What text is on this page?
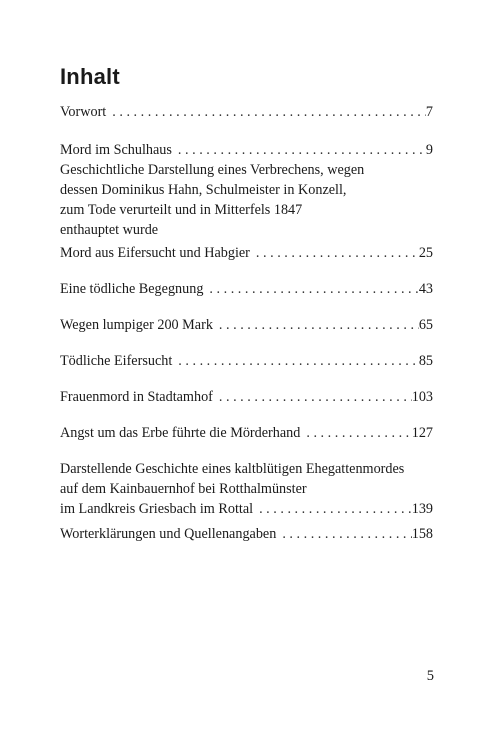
Inhalt
Vorwort . . .	7
Mord im Schulhaus . . .	9
Geschichtliche Darstellung eines Verbrechens, wegen
dessen Dominikus Hahn, Schulmeister in Konzell,
zum Tode verurteilt und in Mitterfels 1847
enthauptet wurde
Mord aus Eifersucht und Habgier . . .	25
Eine tödliche Begegnung . . .	43
Wegen lumpiger 200 Mark . . .	65
Tödliche Eifersucht . . .	85
Frauenmord in Stadtamhof . . .	103
Angst um das Erbe führte die Mörderhand . . .	127
Darstellende Geschichte eines kaltblütigen Ehegattenmordes
auf dem Kainbauernhof bei Rotthalmünster
im Landkreis Griesbach im Rottal . . .	139
Worterklärungen und Quellenangaben . . .	158
5
